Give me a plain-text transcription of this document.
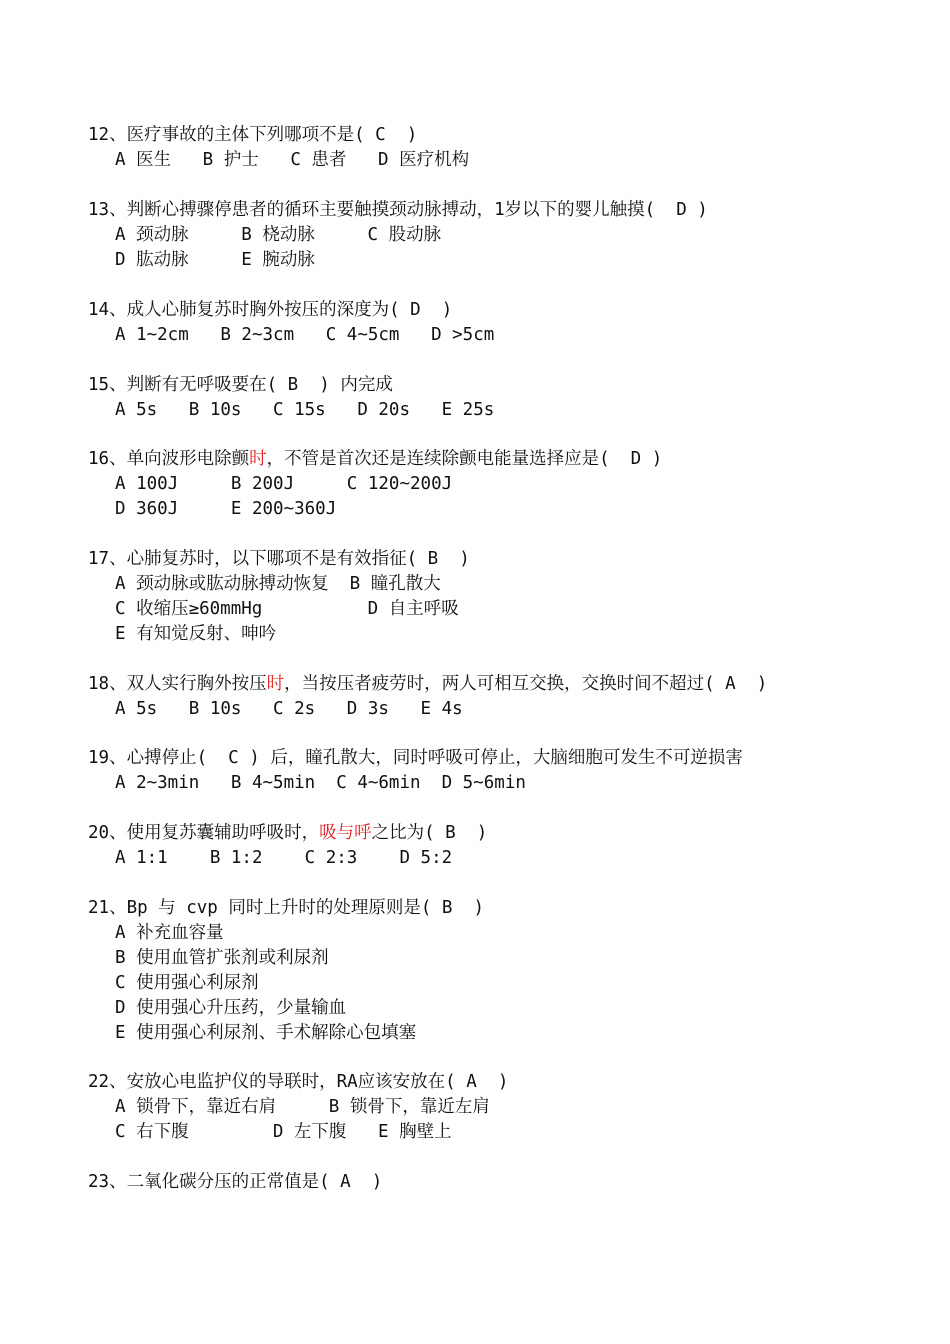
12、医疗事故的主体下列哪项不是( C  )
A 医生   B 护士   C 患者   D 医疗机构
13、判断心搏骤停患者的循环主要触摸颈动脉搏动，1岁以下的婴儿触摸(  D )
A 颈动脉     B 桡动脉     C 股动脉
D 肱动脉     E 腕动脉
14、成人心肺复苏时胸外按压的深度为( D  )
A 1~2cm   B 2~3cm   C 4~5cm   D >5cm
15、判断有无呼吸要在( B  ) 内完成
A 5s   B 10s   C 15s   D 20s   E 25s
16、单向波形电除颤时，不管是首次还是连续除颤电能量选择应是(  D )
A 100J     B 200J     C 120~200J
D 360J     E 200~360J
17、心肺复苏时，以下哪项不是有效指征( B  )
A 颈动脉或肱动脉搏动恢复  B 瞳孔散大
C 收缩压≥60mmHg          D 自主呼吸
E 有知觉反射、呻吟
18、双人实行胸外按压时，当按压者疲劳时，两人可相互交换，交换时间不超过( A  )
A 5s   B 10s   C 2s   D 3s   E 4s
19、心搏停止(  C ) 后，瞳孔散大，同时呼吸可停止，大脑细胞可发生不可逆损害
A 2~3min   B 4~5min  C 4~6min  D 5~6min
20、使用复苏囊辅助呼吸时，吸与呼之比为( B  )
A 1:1    B 1:2    C 2:3    D 5:2
21、Bp 与 cvp 同时上升时的处理原则是( B  )
A 补充血容量
B 使用血管扩张剂或利尿剂
C 使用强心利尿剂
D 使用强心升压药，少量输血
E 使用强心利尿剂、手术解除心包填塞
22、安放心电监护仪的导联时，RA应该安放在( A  )
A 锁骨下，靠近右肩     B 锁骨下，靠近左肩
C 右下腹        D 左下腹   E 胸壁上
23、二氧化碳分压的正常值是( A  )
